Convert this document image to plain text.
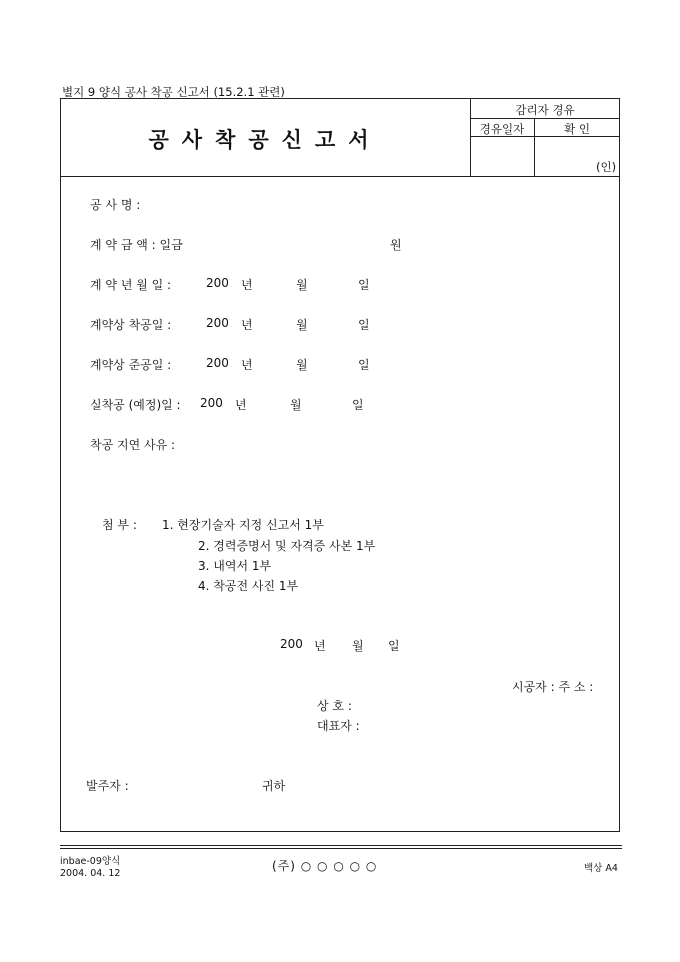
별지 9 양식 공사 착공 신고서 (15.2.1 관련)
공사착공신고서
감리자 경유
경유일자	확 인
(인)
공 사 명 :
계 약 금 액 : 일금	원
계 약 년 월 일 :	200 년	월	일
계약상 착공일 :	200 년	월	일
계약상 준공일 :	200 년	월	일
실착공 (예정)일 : 200 년	월	일
착공 지연 사유 :
첨 부 : 1. 현장기술자 지정 신고서 1부
2. 경력증명서 및 자격증 사본 1부
3. 내역서 1부
4. 착공전 사진 1부
200 년 월 일
시공자 : 주 소 :
상 호 :
대표자 :
발주자 :	귀하
inbae-09양식
2004. 04. 12
(주) ○ ○ ○ ○ ○	백상 A4
